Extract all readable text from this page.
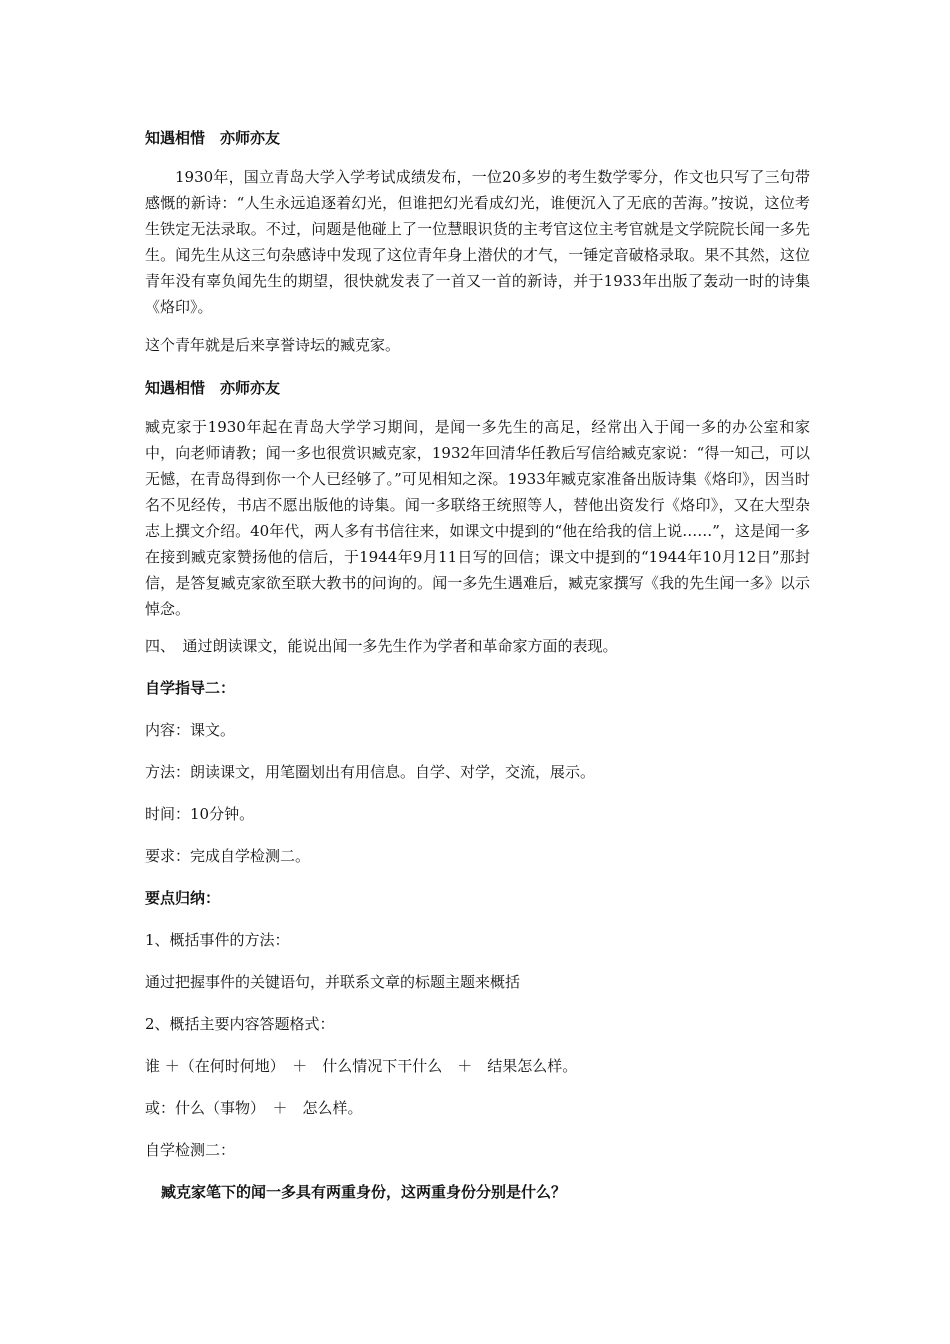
知遇相惜　亦师亦友

1930年，国立青岛大学入学考试成绩发布，一位20多岁的考生数学零分，作文也只写了三句带感慨的新诗：“人生永远追逐着幻光，但谁把幻光看成幻光，谁便沉入了无底的苦海。”按说，这位考生铁定无法录取。不过，问题是他碰上了一位慧眼识货的主考官这位主考官就是文学院院长闻一多先生。闻先生从这三句杂感诗中发现了这位青年身上潜伏的才气，一锤定音破格录取。果不其然，这位青年没有辜负闻先生的期望，很快就发表了一首又一首的新诗，并于1933年出版了轰动一时的诗集《烙印》。

这个青年就是后来享誉诗坛的臧克家。

知遇相惜　亦师亦友

臧克家于1930年起在青岛大学学习期间，是闻一多先生的高足，经常出入于闻一多的办公室和家中，向老师请教；闻一多也很赏识臧克家，1932年回清华任教后写信给臧克家说：“得一知己，可以无憾，在青岛得到你一个人已经够了。”可见相知之深。1933年臧克家准备出版诗集《烙印》，因当时名不见经传，书店不愿出版他的诗集。闻一多联络王统照等人，替他出资发行《烙印》，又在大型杂志上撰文介绍。40年代，两人多有书信往来，如课文中提到的“他在给我的信上说……”，这是闻一多在接到臧克家赞扬他的信后，于1944年9月11日写的回信；课文中提到的“1944年10月12日”那封信，是答复臧克家欲至联大教书的问询的。闻一多先生遇难后，臧克家撰写《我的先生闻一多》以示悼念。

四、　通过朗读课文，能说出闻一多先生作为学者和革命家方面的表现。

自学指导二：

内容：课文。

方法：朗读课文，用笔圈划出有用信息。自学、对学，交流，展示。

时间：10分钟。

要求：完成自学检测二。

要点归纳：

1、概括事件的方法：

通过把握事件的关键语句，并联系文章的标题主题来概括

2、概括主要内容答题格式：

谁 ＋（在何时何地）　＋　什么情况下干什么　＋　结果怎么样。

或：什么（事物）　＋　怎么样。

自学检测二：

臧克家笔下的闻一多具有两重身份，这两重身份分别是什么？
